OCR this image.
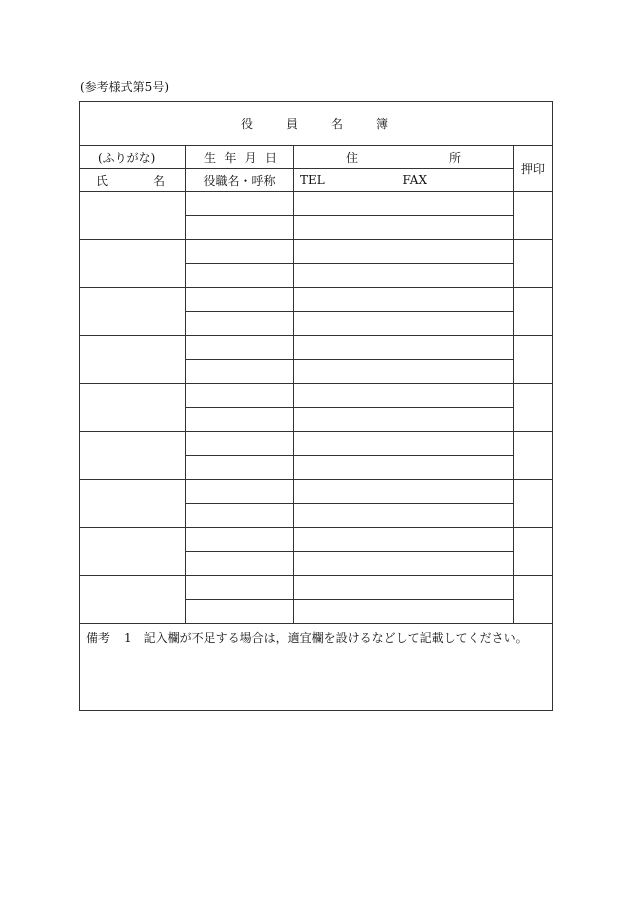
(参考様式第5号)
役　　員　　名　　簿			

(ふりがな)	生 年 月 日	住 所	押印

氏 名	役職名・呼称	TEL FAX	

備考 1 記入欄が不足する場合は，適宜欄を設けるなどして記載してください。			
